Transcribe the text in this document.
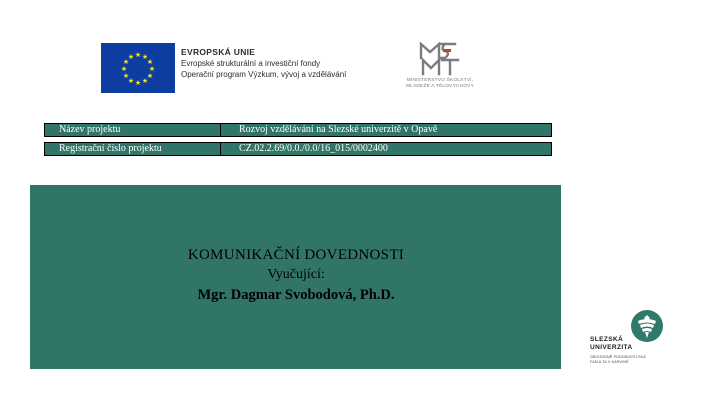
★ ★
★
★
★
★
★
★
★
★
★
★	EVROPSKÁ UNIE
Evropské strukturální a investiční fondy
Operační program Výzkum, vývoj a vzdělávání
MINISTERSTVO ŠKOLSTVÍ,
MLÁDEŽE A TĚLOVÝCHOVY
Název projektu	Rozvoj vzdělávání na Slezské univerzitě v Opavě
Registrační číslo projektu	CZ.02.2.69/0.0./0.0/16_015/0002400
KOMUNIKAČNÍ DOVEDNOSTI
Vyučující:
Mgr. Dagmar Svobodová, Ph.D.
SLEZSKÁ
UNIVERZITA
OBCHODNĚ PODNIKATELSKÁ
FAKULTA V KARVINÉ
